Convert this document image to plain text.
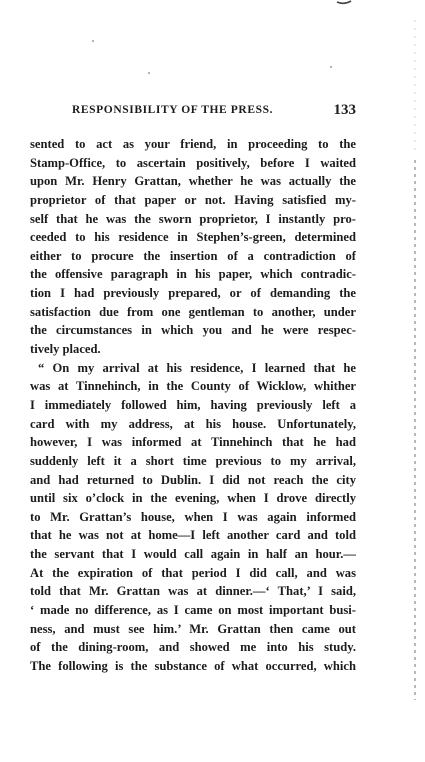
RESPONSIBILITY OF THE PRESS.	133
sented to act as your friend, in proceeding to the
Stamp-Office, to ascertain positively, before I waited
upon Mr. Henry Grattan, whether he was actually the
proprietor of that paper or not. Having satisfied my-
self that he was the sworn proprietor, I instantly pro-
ceeded to his residence in Stephen’s-green, determined
either to procure the insertion of a contradiction of
the offensive paragraph in his paper, which contradic-
tion I had previously prepared, or of demanding the
satisfaction due from one gentleman to another, under
the circumstances in which you and he were respec-
tively placed.
“ On my arrival at his residence, I learned that he
was at Tinnehinch, in the County of Wicklow, whither
I immediately followed him, having previously left a
card with my address, at his house. Unfortunately,
however, I was informed at Tinnehinch that he had
suddenly left it a short time previous to my arrival,
and had returned to Dublin. I did not reach the city
until six o’clock in the evening, when I drove directly
to Mr. Grattan’s house, when I was again informed
that he was not at home—I left another card and told
the servant that I would call again in half an hour.—
At the expiration of that period I did call, and was
told that Mr. Grattan was at dinner.—‘ That,’ I said,
‘ made no difference, as I came on most important busi-
ness, and must see him.’ Mr. Grattan then came out
of the dining-room, and showed me into his study.
The following is the substance of what occurred, which
